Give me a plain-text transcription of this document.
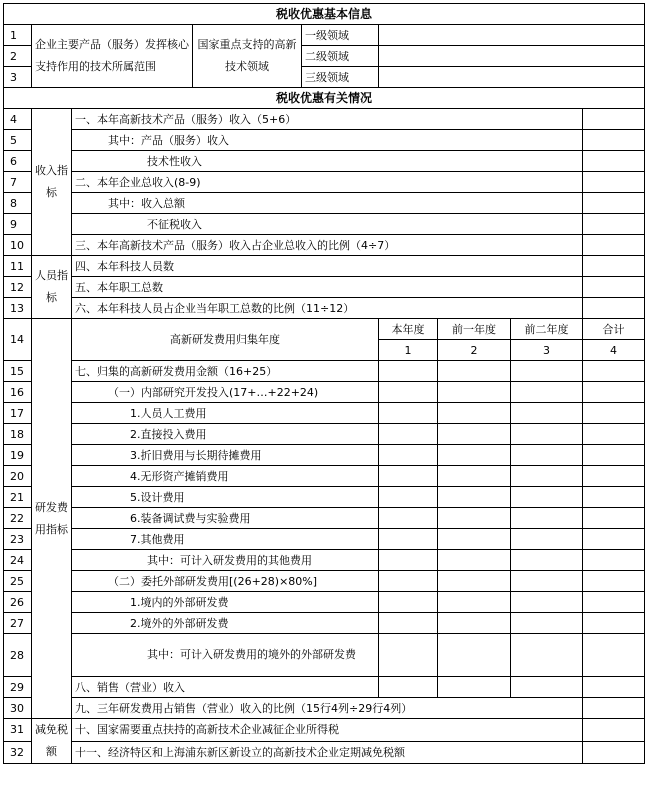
税收优惠基本信息								
1	企业主要产品（服务）发挥核心支持作用的技术所属范围		国家重点支持的高新技术领域	一级领域				
2				二级领域				
3				三级领域				
税收优惠有关情况								
4	收入指标	一、本年高新技术产品（服务）收入（5+6）						
5		其中：产品（服务）收入						
6		技术性收入						
7		二、本年企业总收入(8-9)						
8		其中：收入总额						
9		不征税收入						
10		三、本年高新技术产品（服务）收入占企业总收入的比例（4÷7）						
11	人员指标	四、本年科技人员数						
12		五、本年职工总数						
13		六、本年科技人员占企业当年职工总数的比例（11÷12）						
14	研发费用指标	高新研发费用归集年度			本年度	前一年度	前二年度	合计
					1	2	3	4
15		七、归集的高新研发费用金额（16+25）						
16		（一）内部研究开发投入(17+…+22+24)						
17		1.人员人工费用						
18		2.直接投入费用						
19		3.折旧费用与长期待摊费用						
20		4.无形资产摊销费用						
21		5.设计费用						
22		6.装备调试费与实验费用						
23		7.其他费用						
24		其中：可计入研发费用的其他费用						
25		（二）委托外部研发费用[(26+28)×80%]						
26		1.境内的外部研发费						
27		2.境外的外部研发费						
28		其中：可计入研发费用的境外的外部研发费						
29		八、销售（营业）收入						
30		九、三年研发费用占销售（营业）收入的比例（15行4列÷29行4列）						
31	减免税额	十、国家需要重点扶持的高新技术企业减征企业所得税						
32		十一、经济特区和上海浦东新区新设立的高新技术企业定期减免税额						
